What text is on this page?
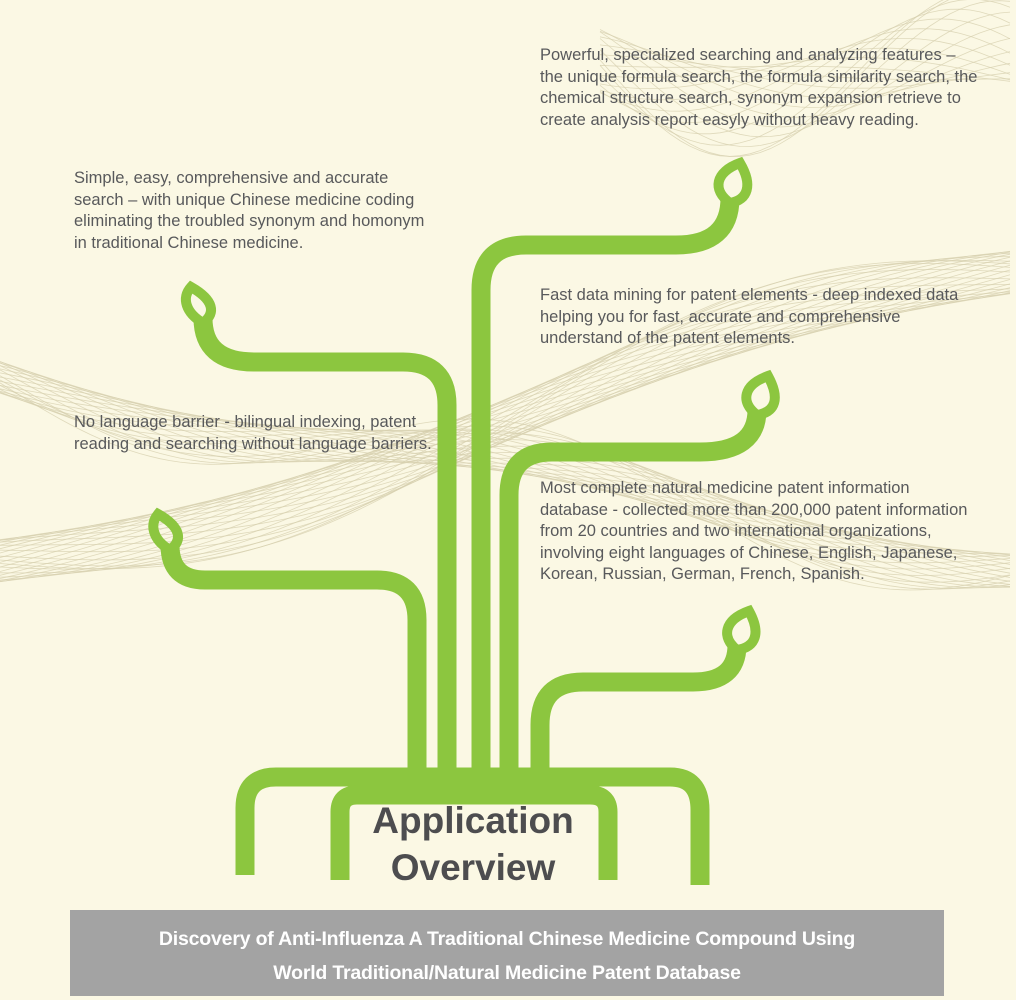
Powerful, specialized searching and analyzing features – the unique formula search, the formula similarity search, the chemical structure search, synonym expansion retrieve to create analysis report easyly without heavy reading.

Simple, easy, comprehensive and accurate search – with unique Chinese medicine coding eliminating the troubled synonym and homonym in traditional Chinese medicine.

Fast data mining for patent elements - deep indexed data helping you for fast, accurate and comprehensive understand of the patent elements.

No language barrier - bilingual indexing, patent reading and searching without language barriers.

Most complete natural medicine patent information database - collected more than 200,000 patent information from 20 countries and two international organizations, involving eight languages of Chinese, English, Japanese, Korean, Russian, German, French, Spanish.

Application

Overview

Discovery of Anti-Influenza A Traditional Chinese Medicine Compound Using

World Traditional/Natural Medicine Patent Database
